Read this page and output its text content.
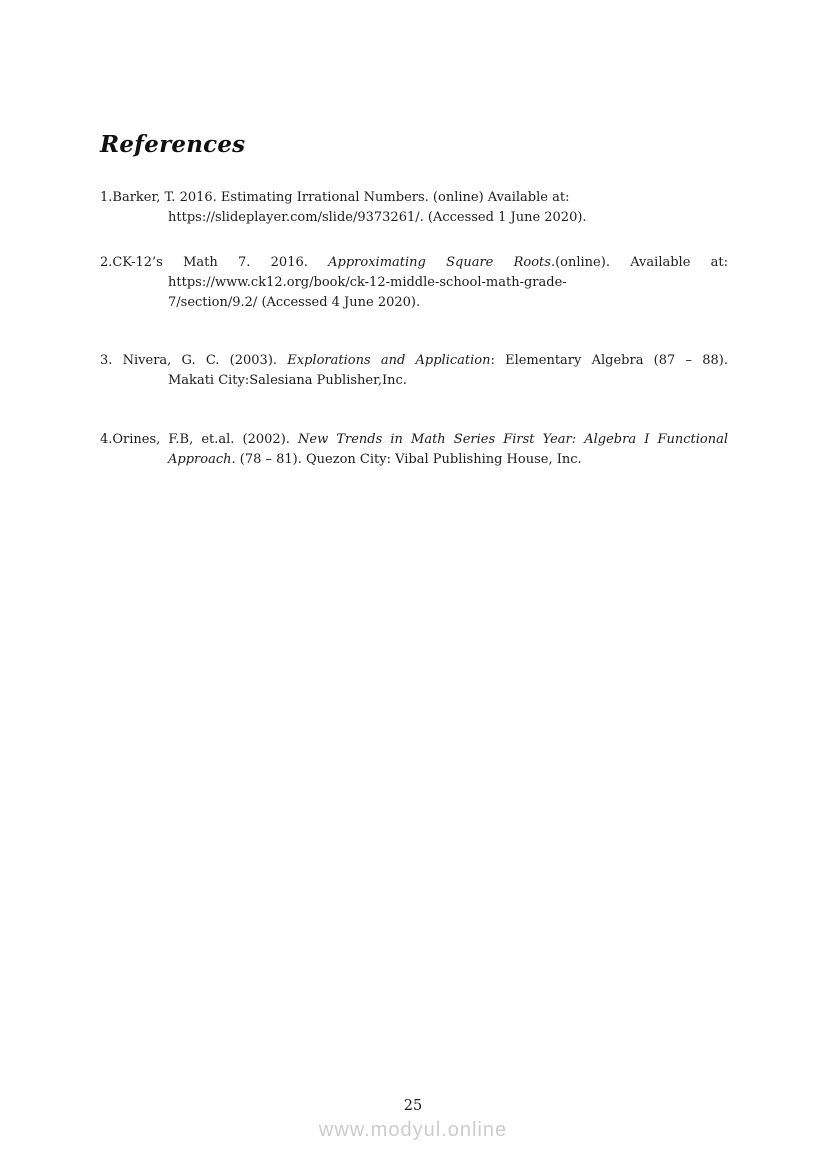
References
1.Barker, T. 2016. Estimating Irrational Numbers. (online) Available at:
https://slideplayer.com/slide/9373261/. (Accessed 1 June 2020).
2.CK-12’s Math 7. 2016. Approximating Square Roots.(online). Available at:
https://www.ck12.org/book/ck-12-middle-school-math-grade-
7/section/9.2/ (Accessed 4 June 2020).
3. Nivera, G. C. (2003). Explorations and Application: Elementary Algebra (87 – 88).
Makati City:Salesiana Publisher,Inc.
4.Orines, F.B, et.al. (2002). New Trends in Math Series First Year: Algebra I Functional
Approach. (78 – 81). Quezon City: Vibal Publishing House, Inc.
25
www.modyul.online
